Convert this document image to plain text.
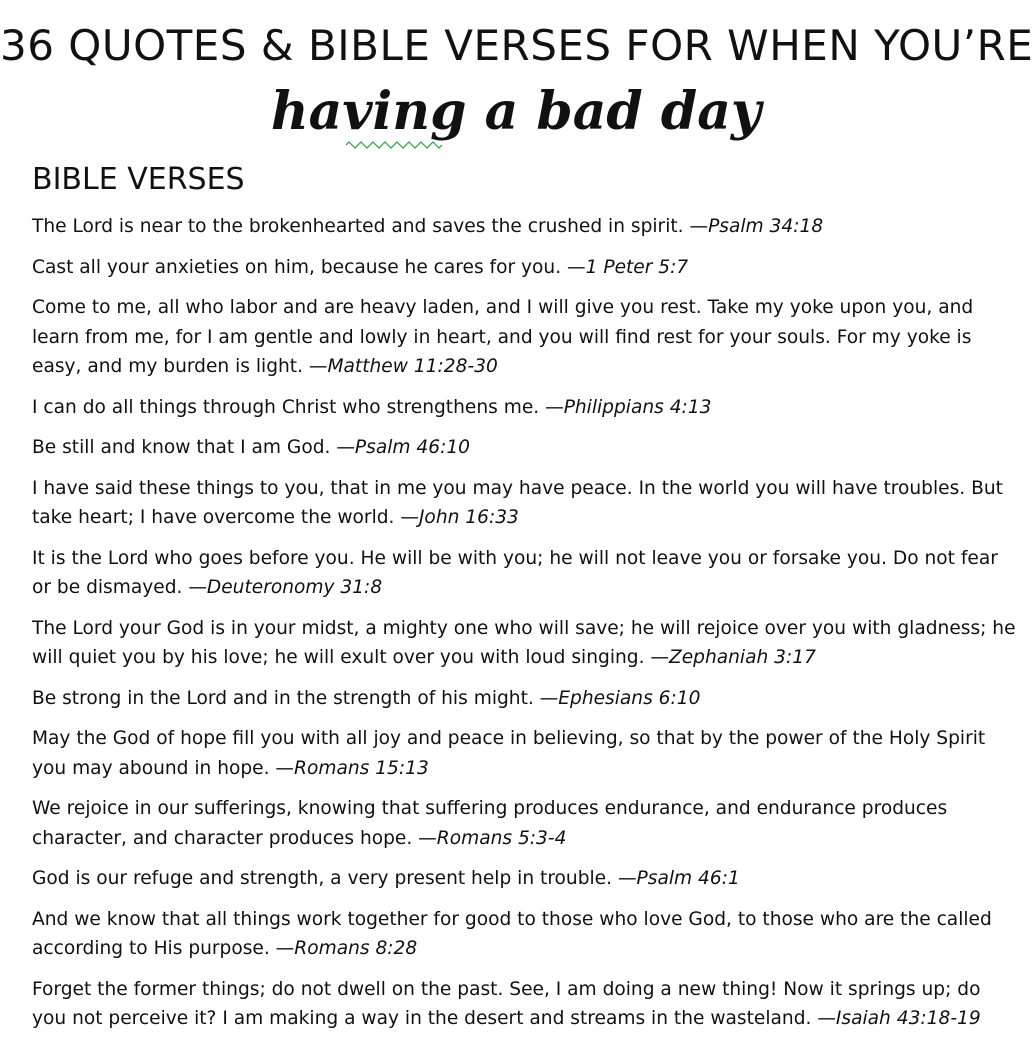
36 QUOTES & BIBLE VERSES FOR WHEN YOU’RE
having a bad day
BIBLE VERSES

The Lord is near to the brokenhearted and saves the crushed in spirit. —Psalm 34:18

Cast all your anxieties on him, because he cares for you. —1 Peter 5:7

Come to me, all who labor and are heavy laden, and I will give you rest. Take my yoke upon you, and learn from me, for I am gentle and lowly in heart, and you will find rest for your souls. For my yoke is easy, and my burden is light. —Matthew 11:28-30

I can do all things through Christ who strengthens me. —Philippians 4:13

Be still and know that I am God. —Psalm 46:10

I have said these things to you, that in me you may have peace. In the world you will have troubles. But take heart; I have overcome the world. —John 16:33

It is the Lord who goes before you. He will be with you; he will not leave you or forsake you. Do not fear or be dismayed. —Deuteronomy 31:8

The Lord your God is in your midst, a mighty one who will save; he will rejoice over you with gladness; he will quiet you by his love; he will exult over you with loud singing. —Zephaniah 3:17

Be strong in the Lord and in the strength of his might. —Ephesians 6:10

May the God of hope fill you with all joy and peace in believing, so that by the power of the Holy Spirit you may abound in hope. —Romans 15:13

We rejoice in our sufferings, knowing that suffering produces endurance, and endurance produces character, and character produces hope. —Romans 5:3-4

God is our refuge and strength, a very present help in trouble. —Psalm 46:1

And we know that all things work together for good to those who love God, to those who are the called according to His purpose. —Romans 8:28

Forget the former things; do not dwell on the past. See, I am doing a new thing! Now it springs up; do you not perceive it? I am making a way in the desert and streams in the wasteland. —Isaiah 43:18-19
